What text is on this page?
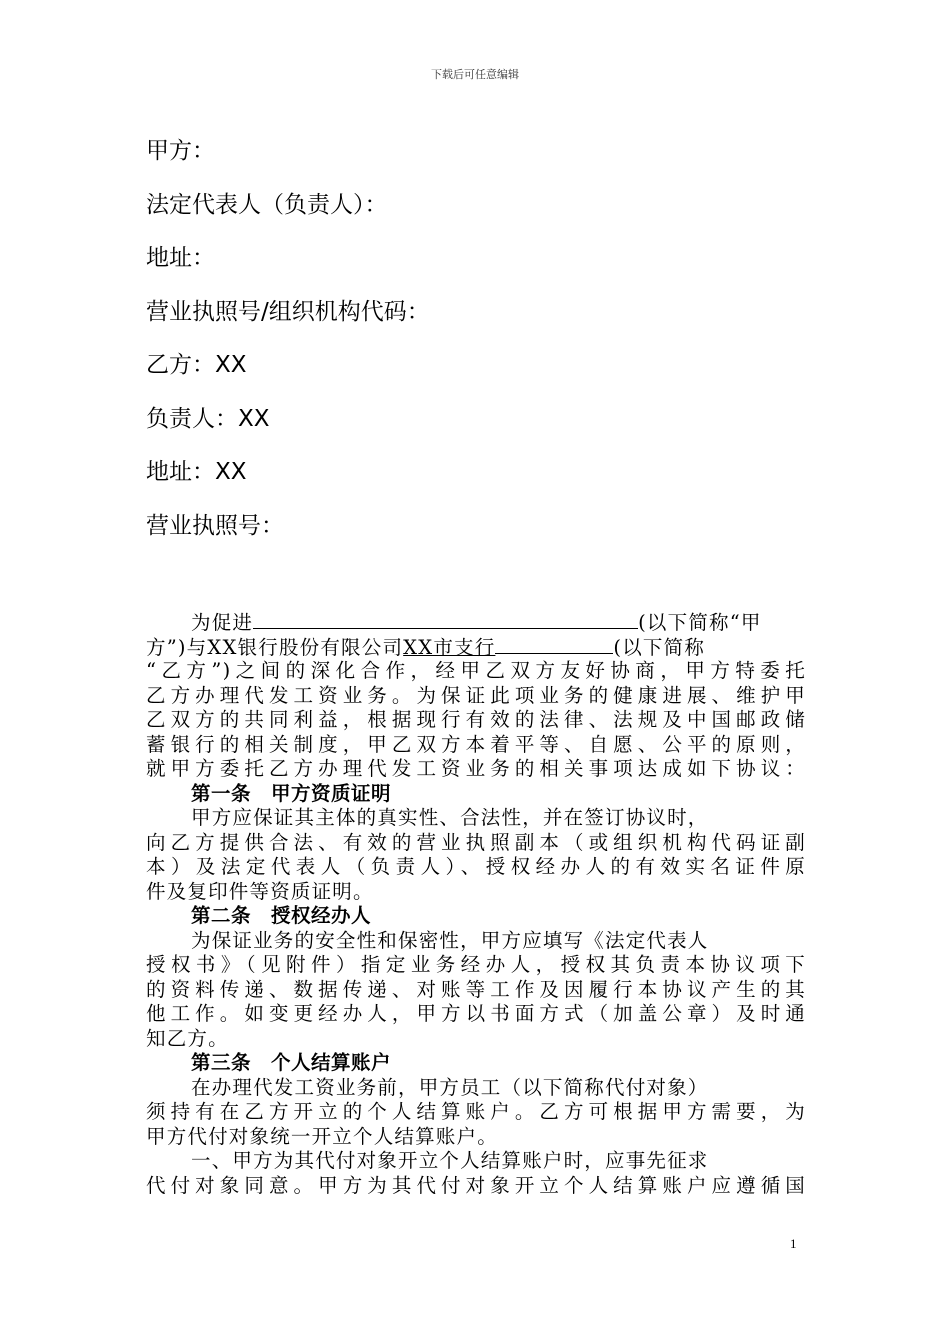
下载后可任意编辑
甲方：
法定代表人（负责人）：
地址：
营业执照号/组织机构代码：
乙方：XX
负责人：XX
地址：XX
营业执照号：
为促进	(以下简称“甲
方”)与XX银行股份有限公司XX市支行	(以下简称
“乙方”)之间的深化合作，经甲乙双方友好协商，甲方特委托
乙方办理代发工资业务。为保证此项业务的健康进展、维护甲
乙双方的共同利益，根据现行有效的法律、法规及中国邮政储
蓄银行的相关制度，甲乙双方本着平等、自愿、公平的原则，
就甲方委托乙方办理代发工资业务的相关事项达成如下协议：
第一条　甲方资质证明
甲方应保证其主体的真实性、合法性，并在签订协议时，
向乙方提供合法、有效的营业执照副本（或组织机构代码证副
本）及法定代表人（负责人）、授权经办人的有效实名证件原
件及复印件等资质证明。
第二条　授权经办人
为保证业务的安全性和保密性，甲方应填写《法定代表人
授权书》（见附件）指定业务经办人，授权其负责本协议项下
的资料传递、数据传递、对账等工作及因履行本协议产生的其
他工作。如变更经办人，甲方以书面方式（加盖公章）及时通
知乙方。
第三条　个人结算账户
在办理代发工资业务前，甲方员工（以下简称代付对象）
须持有在乙方开立的个人结算账户。乙方可根据甲方需要，为
甲方代付对象统一开立个人结算账户。
一、甲方为其代付对象开立个人结算账户时，应事先征求
代付对象同意。甲方为其代付对象开立个人结算账户应遵循国
1
